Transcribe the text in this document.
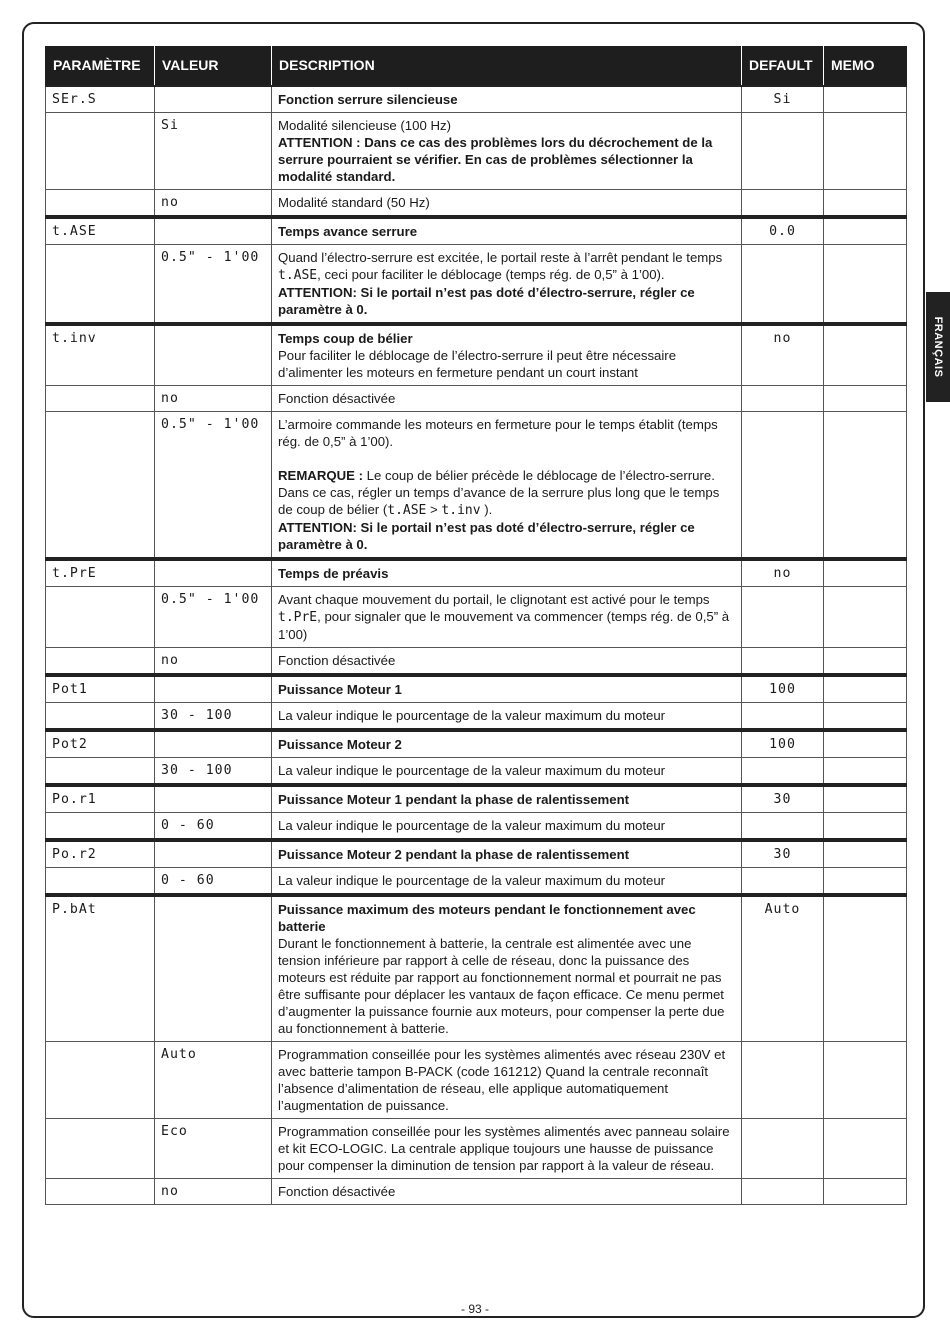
FRANÇAIS
PARAMÈTRE	VALEUR	DESCRIPTION	DEFAULT	MEMO
SEr.S		Fonction serrure silencieuse	Si	
	Si	Modalité silencieuse (100 Hz)
ATTENTION : Dans ce cas des problèmes lors du décrochement de la serrure pourraient se vérifier. En cas de problèmes sélectionner la modalité standard.		
	no	Modalité standard (50 Hz)		
t.ASE		Temps avance serrure	0.0	
	0.5" - 1'00	Quand l’électro-serrure est excitée, le portail reste à l’arrêt pendant le temps t.ASE, ceci pour faciliter le déblocage (temps rég. de 0,5” à 1’00).
ATTENTION: Si le portail n’est pas doté d’électro-serrure, régler ce paramètre à 0.		
t.inv		Temps coup de bélier
Pour faciliter le déblocage de l’électro-serrure il peut être nécessaire d’alimenter les moteurs en fermeture pendant un court instant	no	
	no	Fonction désactivée		
	0.5" - 1'00	L’armoire commande les moteurs en fermeture pour le temps établit (temps rég. de 0,5” à 1’00).
REMARQUE : Le coup de bélier précède le déblocage de l’électro-serrure. Dans ce cas, régler un temps d’avance de la serrure plus long que le temps de coup de bélier (t.ASE > t.inv ).
ATTENTION: Si le portail n’est pas doté d’électro-serrure, régler ce paramètre à 0.		
t.PrE		Temps de préavis	no	
	0.5" - 1'00	Avant chaque mouvement du portail, le clignotant est activé pour le temps t.PrE, pour signaler que le mouvement va commencer (temps rég. de 0,5” à 1’00)		
	no	Fonction désactivée		
Pot1		Puissance Moteur 1	100	
	30 - 100	La valeur indique le pourcentage de la valeur maximum du moteur		
Pot2		Puissance Moteur 2	100	
	30 - 100	La valeur indique le pourcentage de la valeur maximum du moteur		
Po.r1		Puissance Moteur 1 pendant la phase de ralentissement	30	
	0 - 60	La valeur indique le pourcentage de la valeur maximum du moteur		
Po.r2		Puissance Moteur 2 pendant la phase de ralentissement	30	
	0 - 60	La valeur indique le pourcentage de la valeur maximum du moteur		
P.bAt		Puissance maximum des moteurs pendant le fonctionnement avec batterie
Durant le fonctionnement à batterie, la centrale est alimentée avec une tension inférieure par rapport à celle de réseau, donc la puissance des moteurs est réduite par rapport au fonctionnement normal et pourrait ne pas être suffisante pour déplacer les vantaux de façon efficace. Ce menu permet d’augmenter la puissance fournie aux moteurs, pour compenser la perte due au fonctionnement à batterie.	Auto	
	Auto	Programmation conseillée pour les systèmes alimentés avec réseau 230V et avec batterie tampon B-PACK (code 161212) Quand la centrale reconnaît l’absence d’alimentation de réseau, elle applique automatiquement l’augmentation de puissance.		
	Eco	Programmation conseillée pour les systèmes alimentés avec panneau solaire et kit ECO-LOGIC. La centrale applique toujours une hausse de puissance pour compenser la diminution de tension par rapport à la valeur de réseau.		
	no	Fonction désactivée		
- 93 -
